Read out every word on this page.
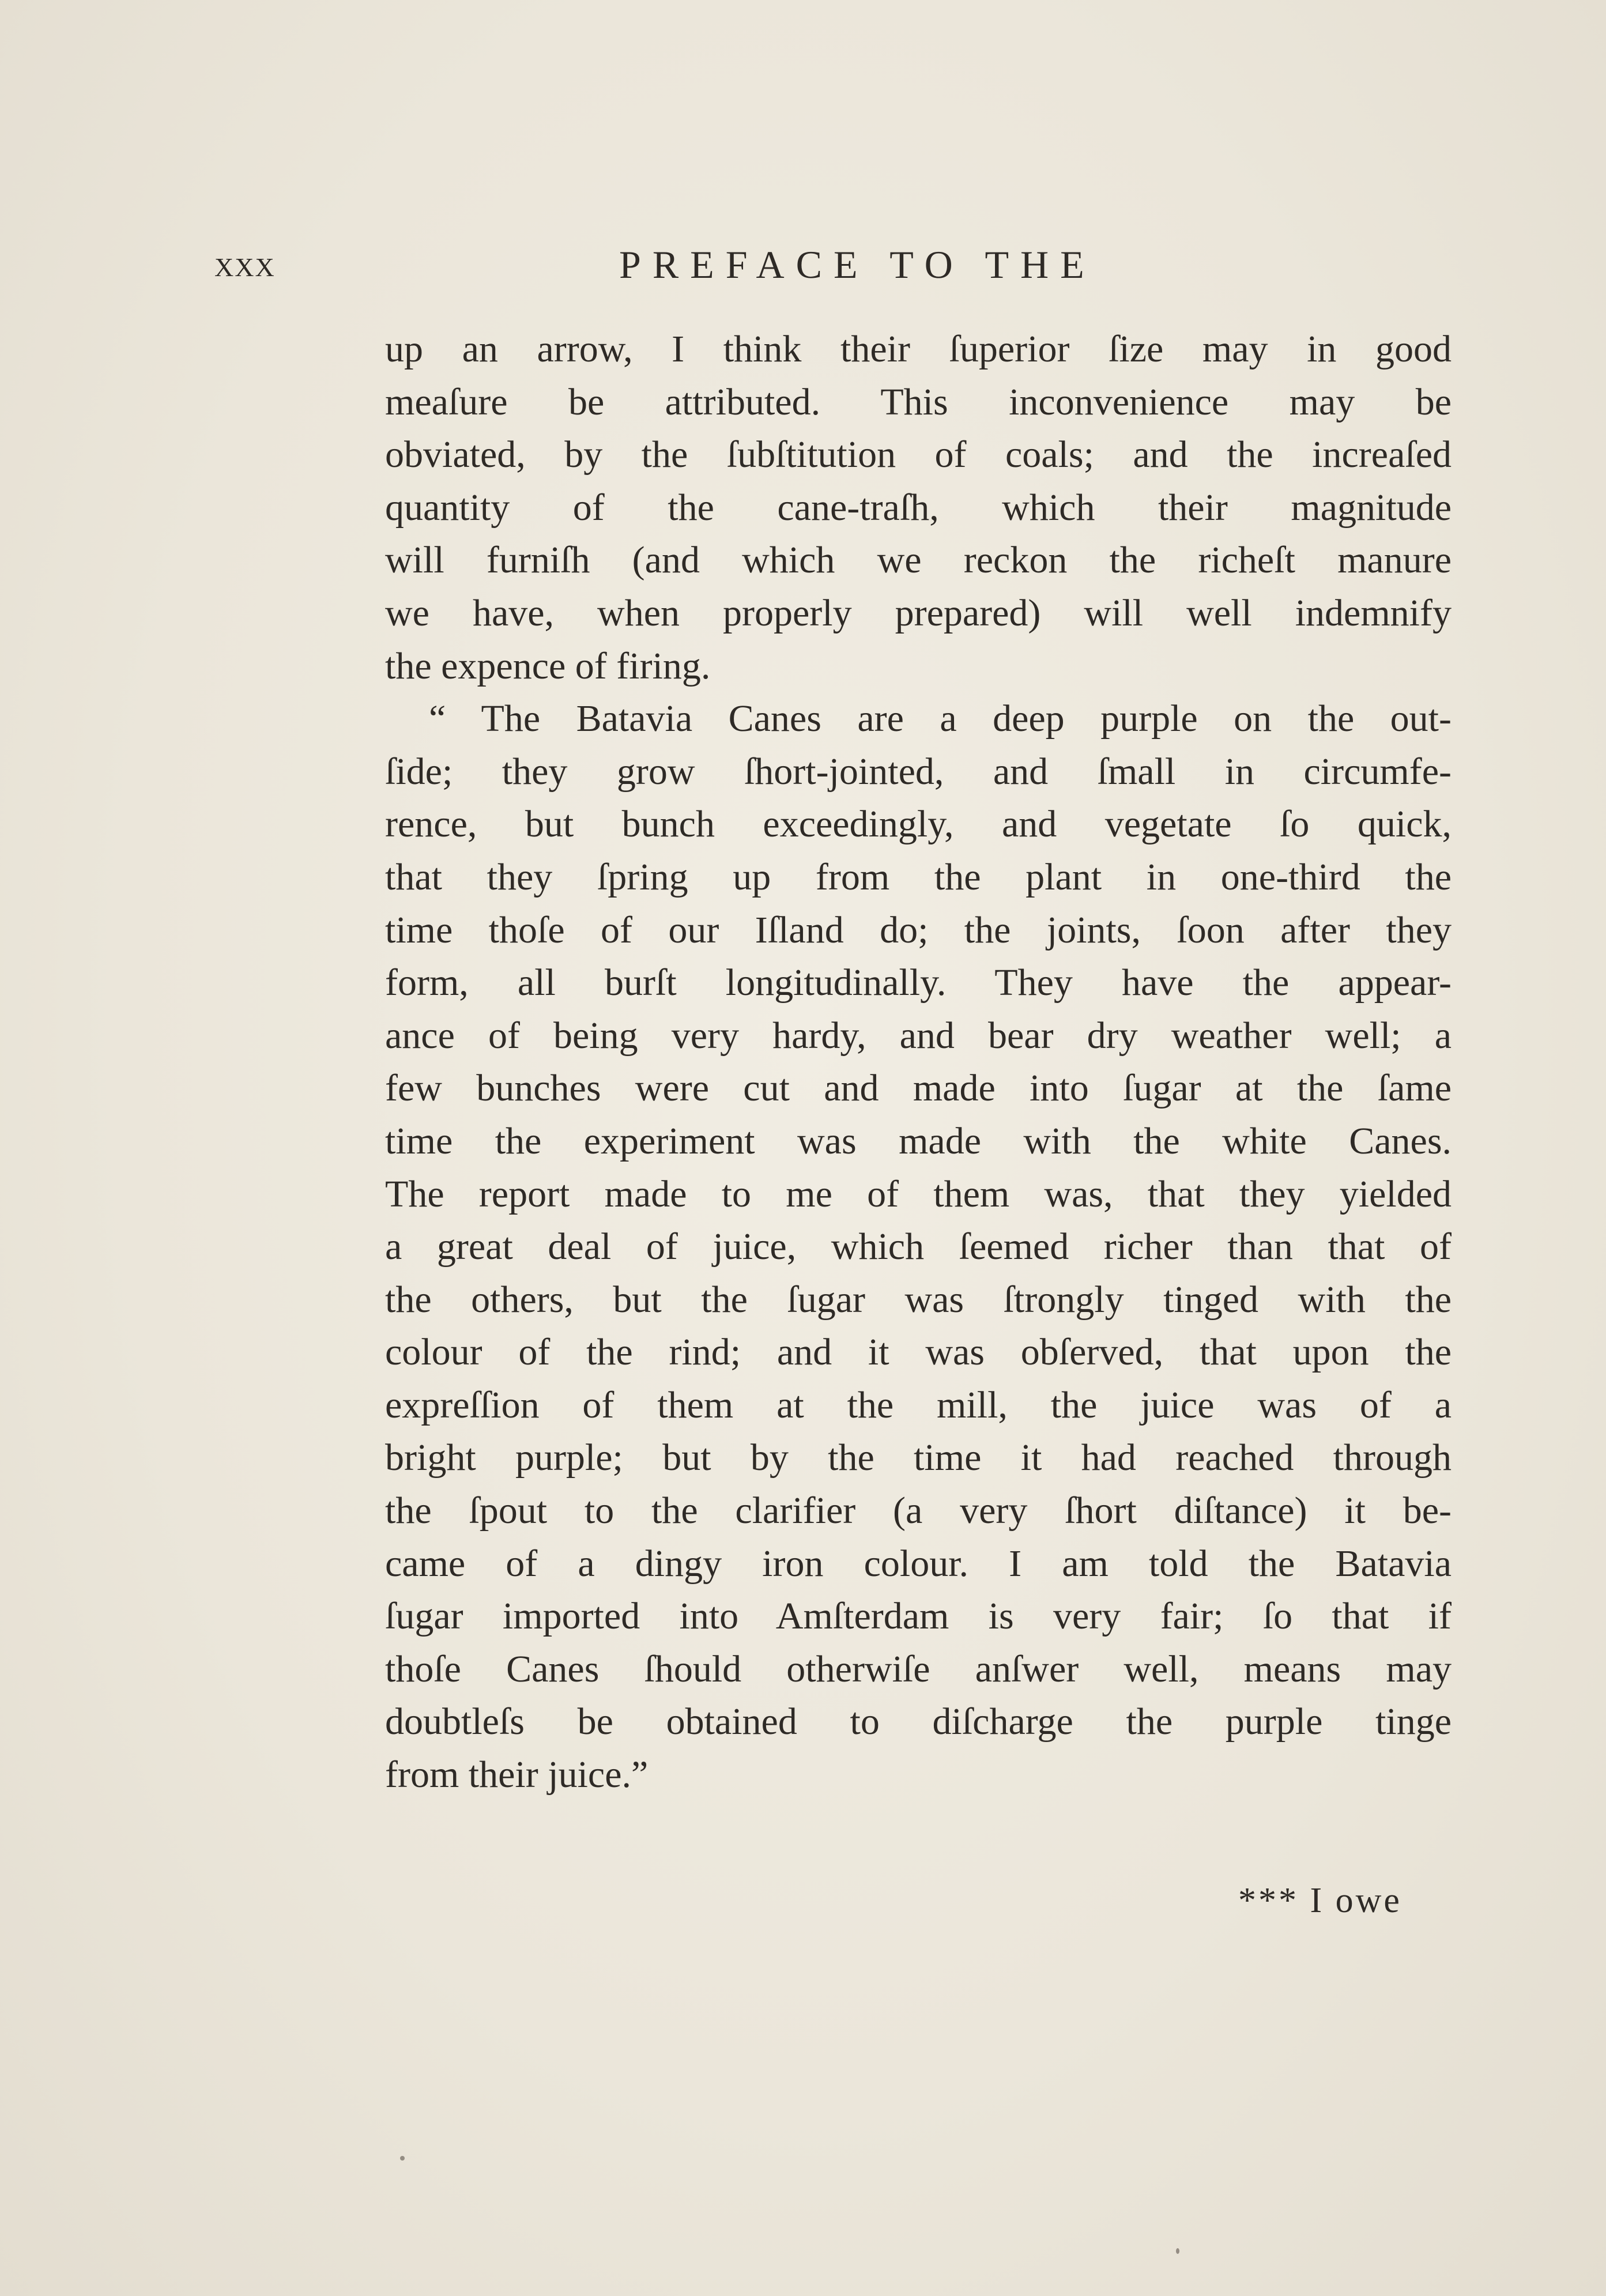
xxx	PREFACE TO THE
up an arrow, I think their ſuperior ſize may in good
meaſure be attributed. This inconvenience may be
obviated, by the ſubſtitution of coals; and the increaſed
quantity of the cane-traſh, which their magnitude
will furniſh (and which we reckon the richeſt manure
we have, when properly prepared) will well indemnify
the expence of firing.
“ The Batavia Canes are a deep purple on the out-
ſide; they grow ſhort-jointed, and ſmall in circumfe-
rence, but bunch exceedingly, and vegetate ſo quick,
that they ſpring up from the plant in one-third the
time thoſe of our Iſland do; the joints, ſoon after they
form, all burſt longitudinally. They have the appear-
ance of being very hardy, and bear dry weather well; a
few bunches were cut and made into ſugar at the ſame
time the experiment was made with the white Canes.
The report made to me of them was, that they yielded
a great deal of juice, which ſeemed richer than that of
the others, but the ſugar was ſtrongly tinged with the
colour of the rind; and it was obſerved, that upon the
expreſſion of them at the mill, the juice was of a
bright purple; but by the time it had reached through
the ſpout to the clarifier (a very ſhort diſtance) it be-
came of a dingy iron colour. I am told the Batavia
ſugar imported into Amſterdam is very fair; ſo that if
thoſe Canes ſhould otherwiſe anſwer well, means may
doubtleſs be obtained to diſcharge the purple tinge
from their juice.”
*** I owe
